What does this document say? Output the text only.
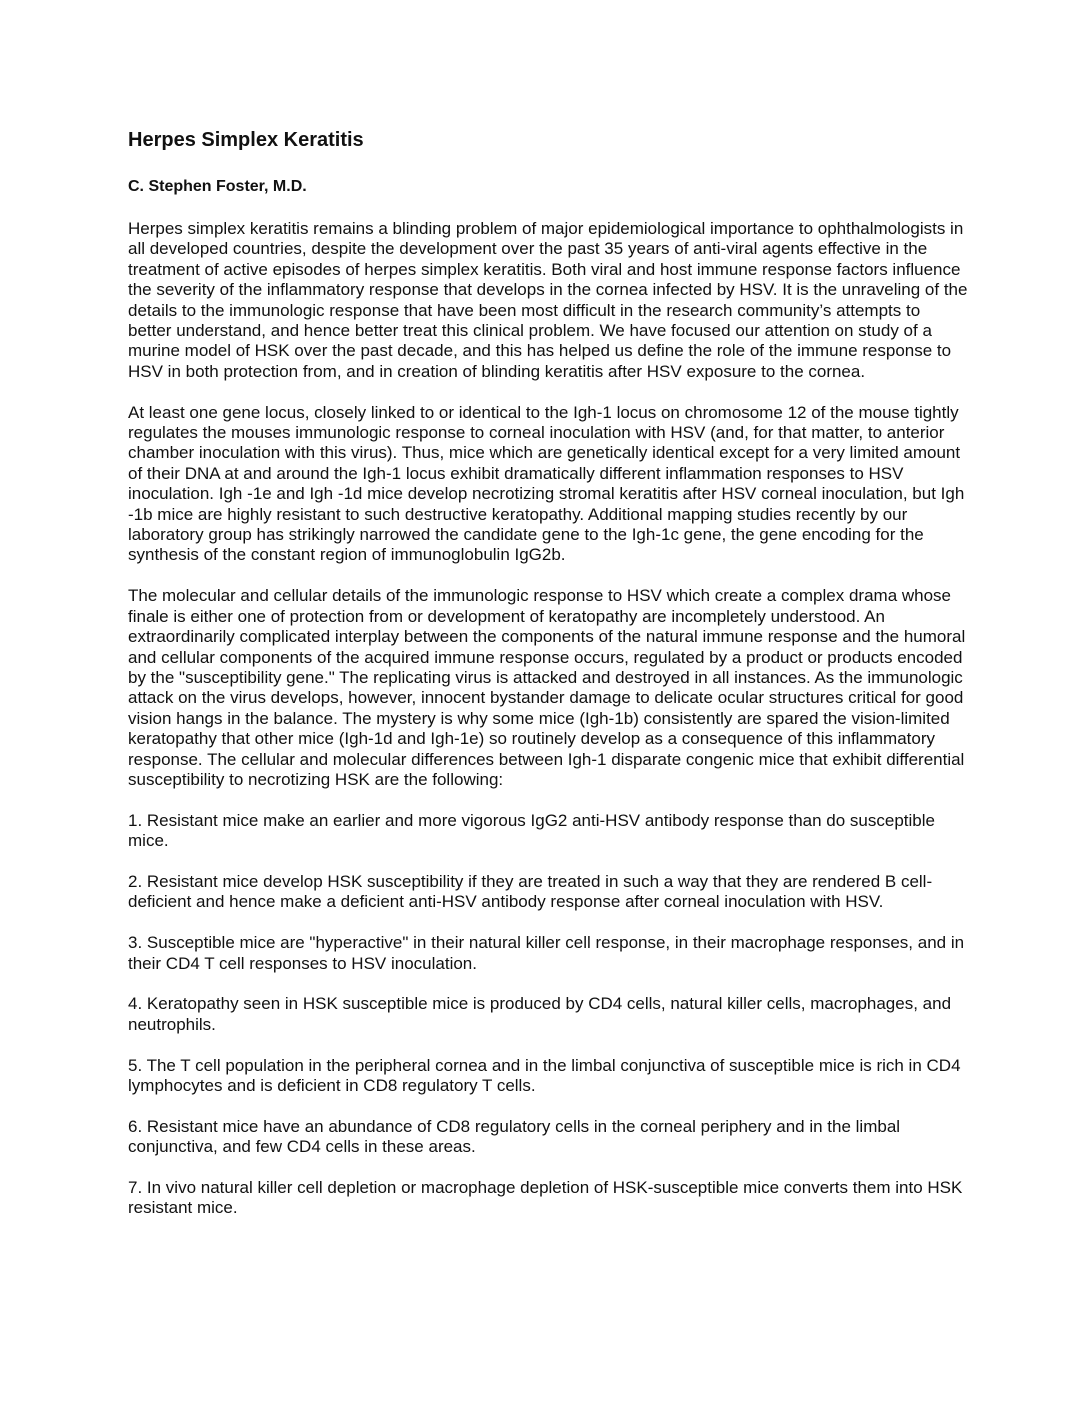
Herpes Simplex Keratitis

C. Stephen Foster, M.D.

Herpes simplex keratitis remains a blinding problem of major epidemiological importance to ophthalmologists in all developed countries, despite the development over the past 35 years of anti-viral agents effective in the treatment of active episodes of herpes simplex keratitis. Both viral and host immune response factors influence the severity of the inflammatory response that develops in the cornea infected by HSV. It is the unraveling of the details to the immunologic response that have been most difficult in the research community’s attempts to better understand, and hence better treat this clinical problem. We have focused our attention on study of a murine model of HSK over the past decade, and this has helped us define the role of the immune response to HSV in both protection from, and in creation of blinding keratitis after HSV exposure to the cornea.

At least one gene locus, closely linked to or identical to the Igh-1 locus on chromosome 12 of the mouse tightly regulates the mouses immunologic response to corneal inoculation with HSV (and, for that matter, to anterior chamber inoculation with this virus). Thus, mice which are genetically identical except for a very limited amount of their DNA at and around the Igh-1 locus exhibit dramatically different inflammation responses to HSV inoculation. Igh -1e and Igh -1d mice develop necrotizing stromal keratitis after HSV corneal inoculation, but Igh -1b mice are highly resistant to such destructive keratopathy. Additional mapping studies recently by our laboratory group has strikingly narrowed the candidate gene to the Igh-1c gene, the gene encoding for the synthesis of the constant region of immunoglobulin IgG2b.

The molecular and cellular details of the immunologic response to HSV which create a complex drama whose finale is either one of protection from or development of keratopathy are incompletely understood. An extraordinarily complicated interplay between the components of the natural immune response and the humoral and cellular components of the acquired immune response occurs, regulated by a product or products encoded by the "susceptibility gene." The replicating virus is attacked and destroyed in all instances. As the immunologic attack on the virus develops, however, innocent bystander damage to delicate ocular structures critical for good vision hangs in the balance. The mystery is why some mice (Igh-1b) consistently are spared the vision-limited keratopathy that other mice (Igh-1d and Igh-1e) so routinely develop as a consequence of this inflammatory response. The cellular and molecular differences between Igh-1 disparate congenic mice that exhibit differential susceptibility to necrotizing HSK are the following:

1. Resistant mice make an earlier and more vigorous IgG2 anti-HSV antibody response than do susceptible mice.

2. Resistant mice develop HSK susceptibility if they are treated in such a way that they are rendered B cell-deficient and hence make a deficient anti-HSV antibody response after corneal inoculation with HSV.

3. Susceptible mice are "hyperactive" in their natural killer cell response, in their macrophage responses, and in their CD4 T cell responses to HSV inoculation.

4. Keratopathy seen in HSK susceptible mice is produced by CD4 cells, natural killer cells, macrophages, and neutrophils.

5. The T cell population in the peripheral cornea and in the limbal conjunctiva of susceptible mice is rich in CD4 lymphocytes and is deficient in CD8 regulatory T cells.

6. Resistant mice have an abundance of CD8 regulatory cells in the corneal periphery and in the limbal conjunctiva, and few CD4 cells in these areas.

7. In vivo natural killer cell depletion or macrophage depletion of HSK-susceptible mice converts them into HSK resistant mice.
